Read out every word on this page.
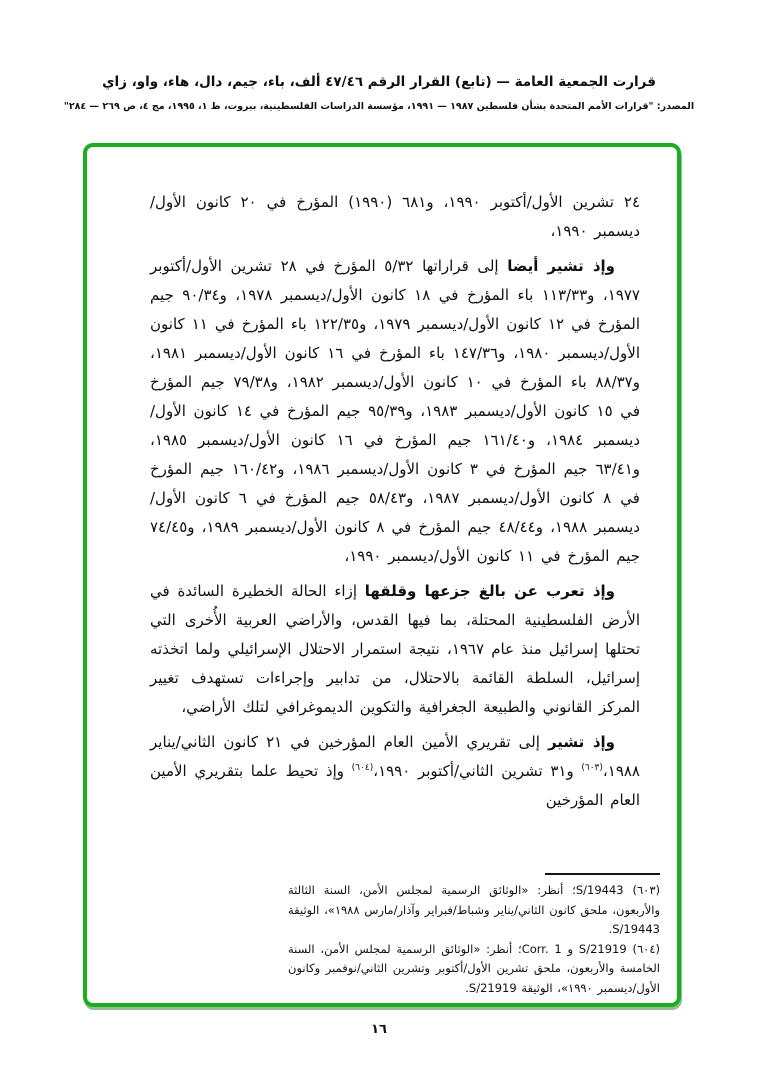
قرارت الجمعية العامة — (تابع) القرار الرقم ٤٧/٤٦ ألف، باء، جيم، دال، هاء، واو، زاي
المصدر: "قرارات الأمم المتحدة بشأن فلسطين ١٩٨٧ — ١٩٩١، مؤسسة الدراسات الفلسطينية، بيروت، ط ١، ١٩٩٥، مج ٤، ص ٢٦٩ — ٢٨٤"

٢٤ تشرين الأول/أكتوبر ١٩٩٠، و٦٨١ (١٩٩٠) المؤرخ في ٢٠ كانون الأول/ديسمبر ١٩٩٠،

وإذ تشير أيضا إلى قراراتها ٥/٣٢ المؤرخ في ٢٨ تشرين الأول/أكتوبر ١٩٧٧، و١١٣/٣٣ باء المؤرخ في ١٨ كانون الأول/ديسمبر ١٩٧٨، و٩٠/٣٤ جيم المؤرخ في ١٢ كانون الأول/ديسمبر ١٩٧٩، و١٢٢/٣٥ باء المؤرخ في ١١ كانون الأول/ديسمبر ١٩٨٠، و١٤٧/٣٦ باء المؤرخ في ١٦ كانون الأول/ديسمبر ١٩٨١، و٨٨/٣٧ باء المؤرخ في ١٠ كانون الأول/ديسمبر ١٩٨٢، و٧٩/٣٨ جيم المؤرخ في ١٥ كانون الأول/ديسمبر ١٩٨٣، و٩٥/٣٩ جيم المؤرخ في ١٤ كانون الأول/ديسمبر ١٩٨٤، و١٦١/٤٠ جيم المؤرخ في ١٦ كانون الأول/ديسمبر ١٩٨٥، و٦٣/٤١ جيم المؤرخ في ٣ كانون الأول/ديسمبر ١٩٨٦، و١٦٠/٤٢ جيم المؤرخ في ٨ كانون الأول/ديسمبر ١٩٨٧، و٥٨/٤٣ جيم المؤرخ في ٦ كانون الأول/ديسمبر ١٩٨٨، و٤٨/٤٤ جيم المؤرخ في ٨ كانون الأول/ديسمبر ١٩٨٩، و٧٤/٤٥ جيم المؤرخ في ١١ كانون الأول/ديسمبر ١٩٩٠،

وإذ تعرب عن بالغ جزعها وقلقها إزاء الحالة الخطيرة السائدة في الأرض الفلسطينية المحتلة، بما فيها القدس، والأراضي العربية الأُخرى التي تحتلها إسرائيل منذ عام ١٩٦٧، نتيجة استمرار الاحتلال الإسرائيلي ولما اتخذته إسرائيل، السلطة القائمة بالاحتلال، من تدابير وإجراءات تستهدف تغيير المركز القانوني والطبيعة الجغرافية والتكوين الديموغرافي لتلك الأراضي،

وإذ تشير إلى تقريري الأمين العام المؤرخين في ٢١ كانون الثاني/يناير ١٩٨٨،$^{(٦٠٣)}$ و٣١ تشرين الثاني/أكتوبر ١٩٩٠،$^{(٦٠٤)}$ وإذ تحيط علما بتقريري الأمين العام المؤرخين

(٦٠٣) S/19443؛ أنظر: «الوثائق الرسمية لمجلس الأمن، السنة الثالثة والأربعون، ملحق كانون الثاني/يناير وشباط/فبراير وآذار/مارس ١٩٨٨»، الوثيقة S/19443.

(٦٠٤) S/21919 و Corr. 1؛ أنظر: «الوثائق الرسمية لمجلس الأمن، السنة الخامسة والأربعون، ملحق تشرين الأول/أكتوبر وتشرين الثاني/نوفمبر وكانون الأول/ديسمبر ١٩٩٠»، الوثيقة S/21919.

١٦
